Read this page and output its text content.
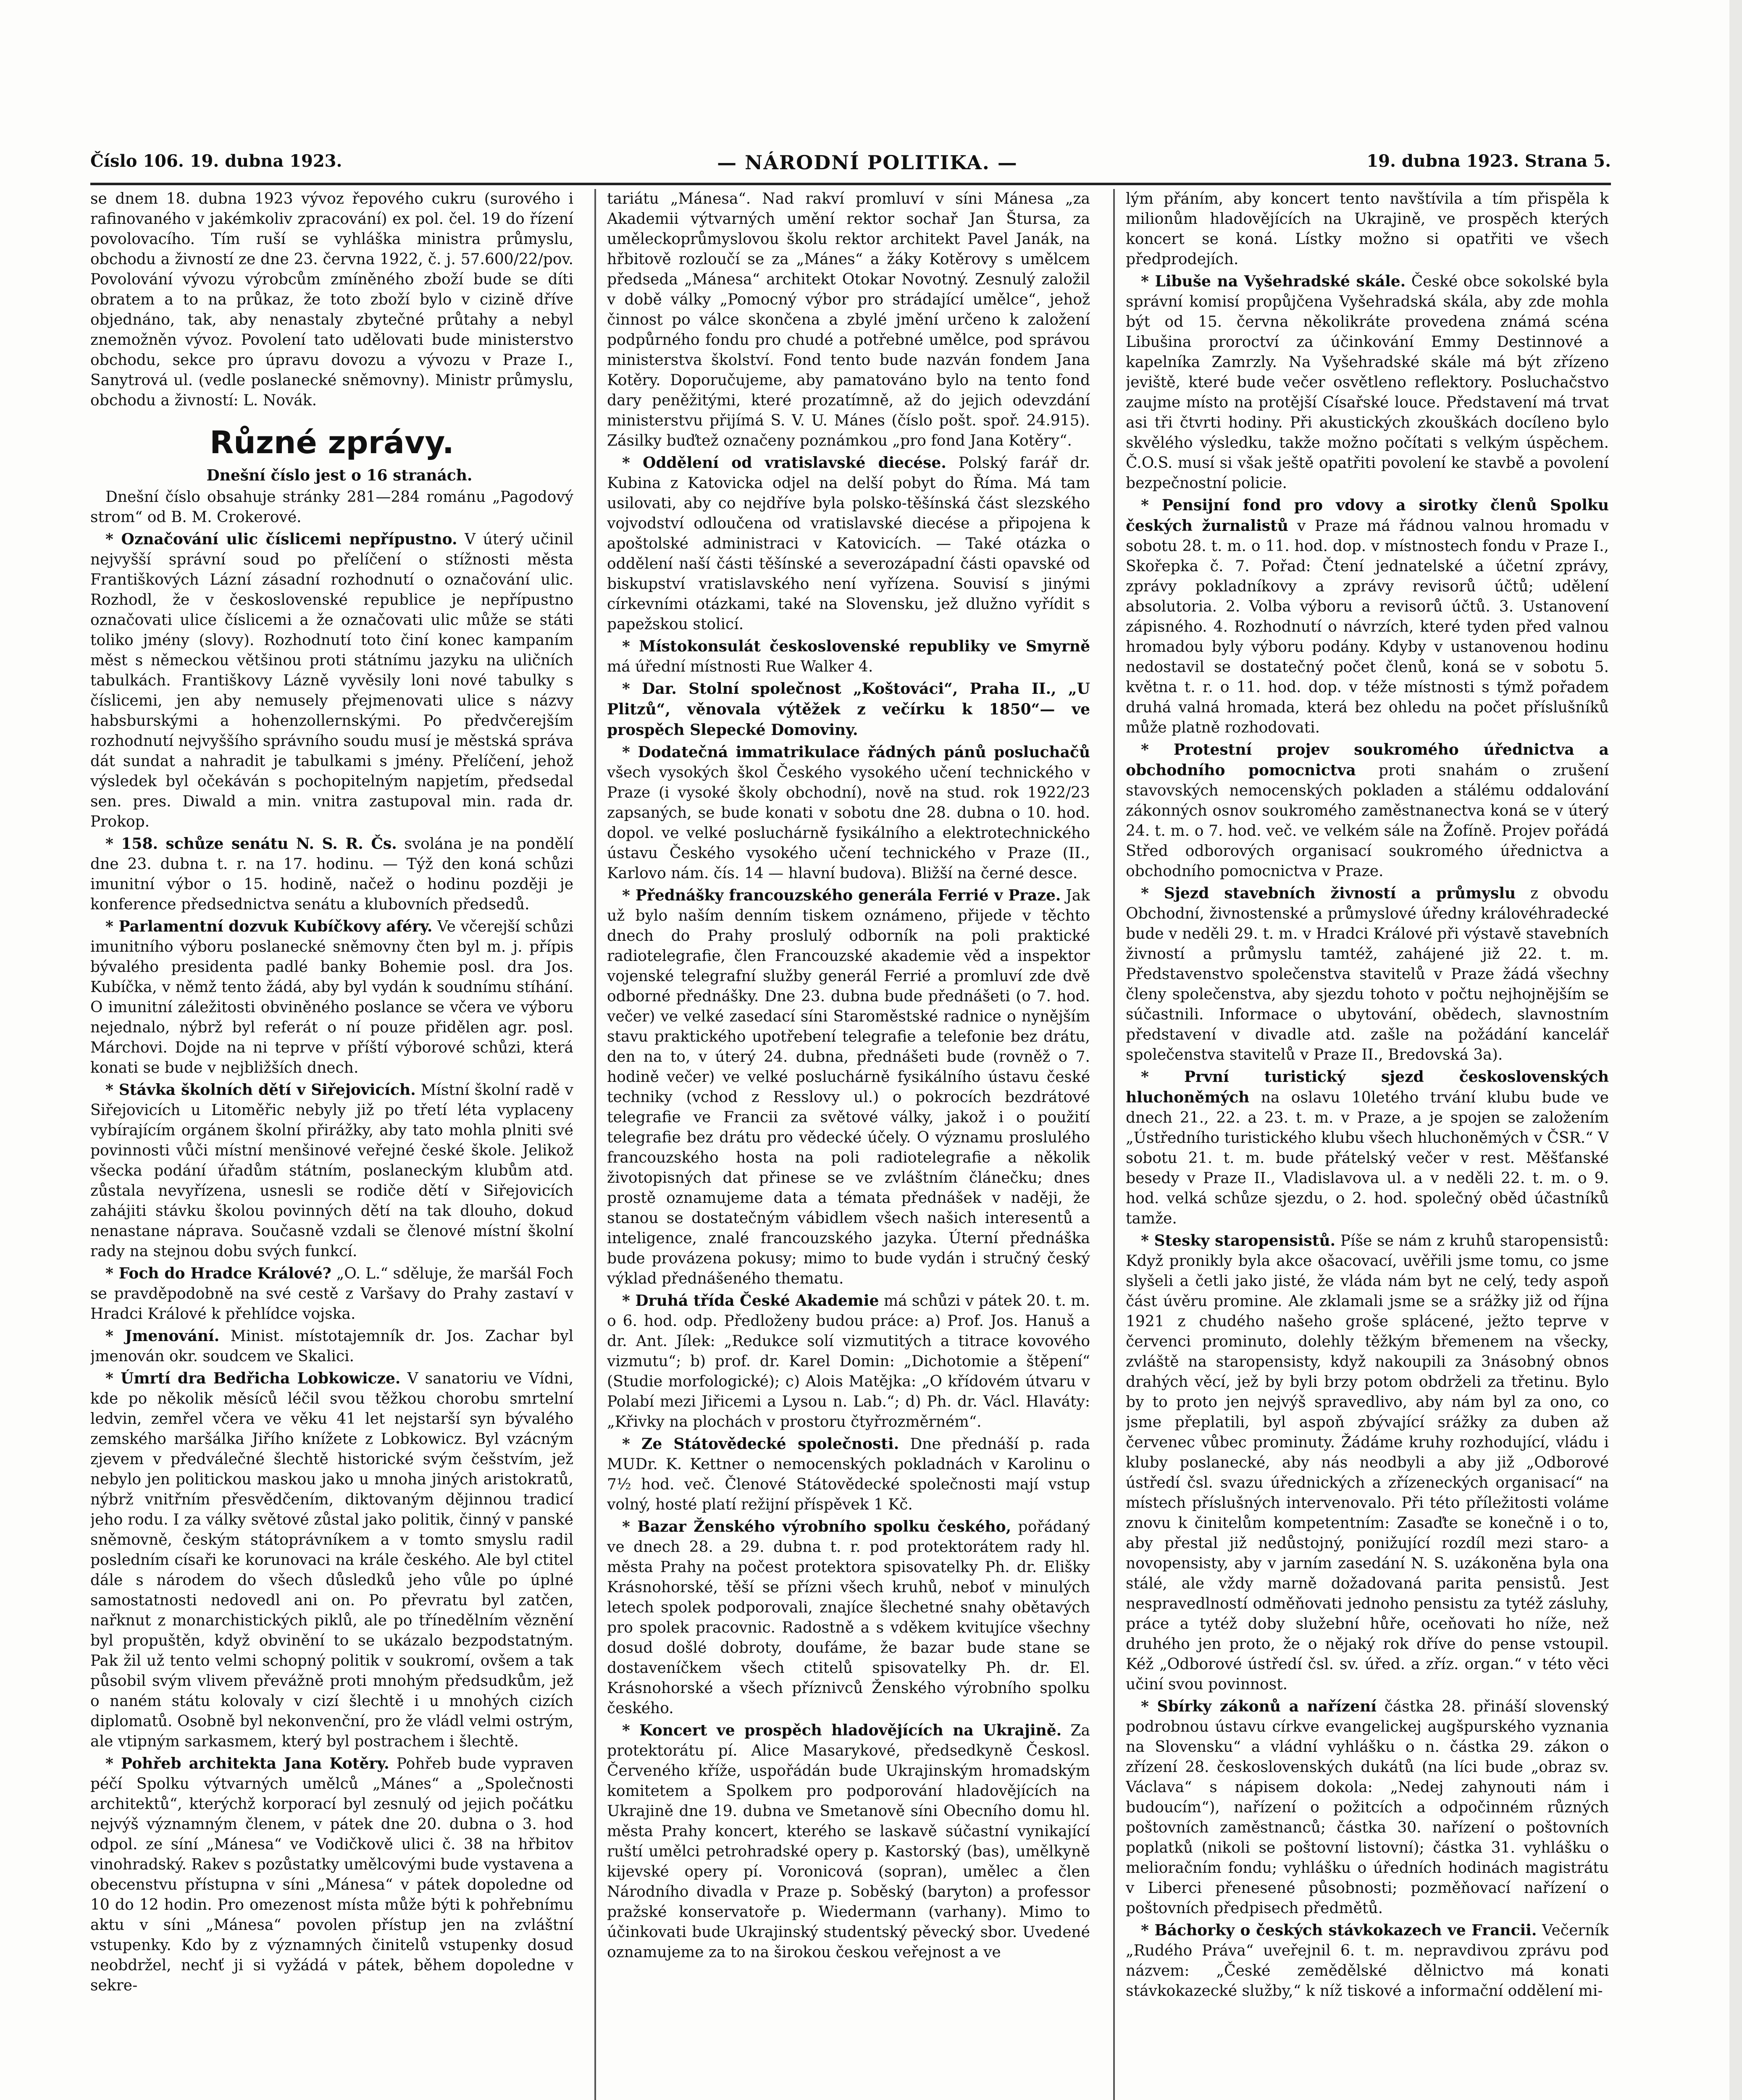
Číslo 106. 19. dubna 1923.	— NÁRODNÍ POLITIKA. —	19. dubna 1923. Strana 5.

se dnem 18. dubna 1923 vývoz řepového cukru (surového i rafinovaného v jakémkoliv zpracování) ex pol. čel. 19 do řízení povolovacího. Tím ruší se vyhláška ministra průmyslu, obchodu a živností ze dne 23. června 1922, č. j. 57.600/22/pov. Povolování vývozu výrobcům zmíněného zboží bude se díti obratem a to na průkaz, že toto zboží bylo v cizině dříve objednáno, tak, aby nenastaly zbytečné průtahy a nebyl znemožněn vývoz. Povolení tato udělovati bude ministerstvo obchodu, sekce pro úpravu dovozu a vývozu v Praze I., Sanytrová ul. (vedle poslanecké sněmovny). Ministr průmyslu, obchodu a živností: L. Novák.

Různé zprávy.

Dnešní číslo jest o 16 stranách.

Dnešní číslo obsahuje stránky 281—284 románu „Pagodový strom“ od B. M. Crokerové.

* Označování ulic číslicemi nepřípustno. V úterý učinil nejvyšší správní soud po přelíčení o stížnosti města Františkových Lázní zásadní rozhodnutí o označování ulic. Rozhodl, že v československé republice je nepřípustno označovati ulice číslicemi a že označovati ulic může se státi toliko jmény (slovy). Rozhodnutí toto činí konec kampaním měst s německou většinou proti státnímu jazyku na uličních tabulkách. Františkovy Lázně vyvěsily loni nové tabulky s číslicemi, jen aby nemusely přejmenovati ulice s názvy habsburskými a hohenzollernskými. Po předvčerejším rozhodnutí nejvyššího správního soudu musí je městská správa dát sundat a nahradit je tabulkami s jmény. Přelíčení, jehož výsledek byl očekáván s pochopitelným napjetím, předsedal sen. pres. Diwald a min. vnitra zastupoval min. rada dr. Prokop.

* 158. schůze senátu N. S. R. Čs. svolána je na pondělí dne 23. dubna t. r. na 17. hodinu. — Týž den koná schůzi imunitní výbor o 15. hodině, načež o hodinu později je konference předsednictva senátu a klubovních předsedů.

* Parlamentní dozvuk Kubíčkovy aféry. Ve včerejší schůzi imunitního výboru poslanecké sněmovny čten byl m. j. přípis bývalého presidenta padlé banky Bohemie posl. dra Jos. Kubíčka, v němž tento žádá, aby byl vydán k soudnímu stíhání. O imunitní záležitosti obviněného poslance se včera ve výboru nejednalo, nýbrž byl referát o ní pouze přidělen agr. posl. Márchovi. Dojde na ni teprve v příští výborové schůzi, která konati se bude v nejbližších dnech.

* Stávka školních dětí v Siřejovicích. Místní školní radě v Siřejovicích u Litoměřic nebyly již po třetí léta vyplaceny vybírajícím orgánem školní přirážky, aby tato mohla plniti své povinnosti vůči místní menšinové veřejné české škole. Jelikož všecka podání úřadům státním, poslaneckým klubům atd. zůstala nevyřízena, usnesli se rodiče dětí v Siřejovicích zahájiti stávku školou povinných dětí na tak dlouho, dokud nenastane náprava. Současně vzdali se členové místní školní rady na stejnou dobu svých funkcí.

* Foch do Hradce Králové? „O. L.“ sděluje, že maršál Foch se pravděpodobně na své cestě z Varšavy do Prahy zastaví v Hradci Králové k přehlídce vojska.

* Jmenování. Minist. místotajemník dr. Jos. Zachar byl jmenován okr. soudcem ve Skalici.

* Úmrtí dra Bedřicha Lobkowicze. V sanatoriu ve Vídni, kde po několik měsíců léčil svou těžkou chorobu smrtelní ledvin, zemřel včera ve věku 41 let nejstarší syn bývalého zemského maršálka Jiřího knížete z Lobkowicz. Byl vzácným zjevem v předválečné šlechtě historické svým češstvím, jež nebylo jen politickou maskou jako u mnoha jiných aristokratů, nýbrž vnitřním přesvědčením, diktovaným dějinnou tradicí jeho rodu. I za války světové zůstal jako politik, činný v panské sněmovně, českým státoprávníkem a v tomto smyslu radil posledním císaři ke korunovaci na krále českého. Ale byl ctitel dále s národem do všech důsledků jeho vůle po úplné samostatnosti nedovedl ani on. Po převratu byl zatčen, nařknut z monarchistických piklů, ale po třínedělním věznění byl propuštěn, když obvinění to se ukázalo bezpodstatným. Pak žil už tento velmi schopný politik v soukromí, ovšem a tak působil svým vlivem převážně proti mnohým předsudkům, jež o naném státu kolovaly v cizí šlechtě i u mnohých cizích diplomatů. Osobně byl nekonvenční, pro že vládl velmi ostrým, ale vtipným sarkasmem, který byl postrachem i šlechtě.

* Pohřeb architekta Jana Kotěry. Pohřeb bude vypraven péčí Spolku výtvarných umělců „Mánes“ a „Společnosti architektů“, kterýchž korporací byl zesnulý od jejich počátku nejvýš významným členem, v pátek dne 20. dubna o 3. hod odpol. ze síní „Mánesa“ ve Vodičkově ulici č. 38 na hřbitov vinohradský. Rakev s pozůstatky umělcovými bude vystavena a obecenstvu přístupna v síni „Mánesa“ v pátek dopoledne od 10 do 12 hodin. Pro omezenost místa může býti k pohřebnímu aktu v síni „Mánesa“ povolen přístup jen na zvláštní vstupenky. Kdo by z významných činitelů vstupenky dosud neobdržel, nechť ji si vyžádá v pátek, během dopoledne v sekre-

tariátu „Mánesa“. Nad rakví promluví v síni Mánesa „za Akademii výtvarných umění rektor sochař Jan Štursa, za uměleckoprůmyslovou školu rektor architekt Pavel Janák, na hřbitově rozloučí se za „Mánes“ a žáky Kotěrovy s umělcem předseda „Mánesa“ architekt Otokar Novotný. Zesnulý založil v době války „Pomocný výbor pro strádající umělce“, jehož činnost po válce skončena a zbylé jmění určeno k založení podpůrného fondu pro chudé a potřebné umělce, pod správou ministerstva školství. Fond tento bude nazván fondem Jana Kotěry. Doporučujeme, aby pamatováno bylo na tento fond dary peněžitými, které prozatímně, až do jejich odevzdání ministerstvu přijímá S. V. U. Mánes (číslo pošt. spoř. 24.915). Zásilky buďtež označeny poznámkou „pro fond Jana Kotěry“.

* Oddělení od vratislavské diecése. Polský farář dr. Kubina z Katovicka odjel na delší pobyt do Říma. Má tam usilovati, aby co nejdříve byla polsko-těšínská část slezského vojvodství odloučena od vratislavské diecése a připojena k apoštolské administraci v Katovicích. — Také otázka o oddělení naší části těšínské a severozápadní části opavské od biskupství vratislavského není vyřízena. Souvisí s jinými církevními otázkami, také na Slovensku, jež dlužno vyřídit s papežskou stolicí.

* Místokonsulát československé republiky ve Smyrně má úřední místnosti Rue Walker 4.

* Dar. Stolní společnost „Koštováci“, Praha II., „U Plitzů“, věnovala výtěžek z večírku k 1850“— ve prospěch Slepecké Domoviny.

* Dodatečná immatrikulace řádných pánů posluchačů všech vysokých škol Českého vysokého učení technického v Praze (i vysoké školy obchodní), nově na stud. rok 1922/23 zapsaných, se bude konati v sobotu dne 28. dubna o 10. hod. dopol. ve velké posluchárně fysikálního a elektrotechnického ústavu Českého vysokého učení technického v Praze (II., Karlovo nám. čís. 14 — hlavní budova). Bližší na černé desce.

* Přednášky francouzského generála Ferrié v Praze. Jak už bylo naším denním tiskem oznámeno, přijede v těchto dnech do Prahy proslulý odborník na poli praktické radiotelegrafie, člen Francouzské akademie věd a inspektor vojenské telegrafní služby generál Ferrié a promluví zde dvě odborné přednášky. Dne 23. dubna bude přednášeti (o 7. hod. večer) ve velké zasedací síni Staroměstské radnice o nynějším stavu praktického upotřebení telegrafie a telefonie bez drátu, den na to, v úterý 24. dubna, přednášeti bude (rovněž o 7. hodině večer) ve velké posluchárně fysikálního ústavu české techniky (vchod z Resslovy ul.) o pokrocích bezdrátové telegrafie ve Francii za světové války, jakož i o použití telegrafie bez drátu pro vědecké účely. O významu proslulého francouzského hosta na poli radiotelegrafie a několik životopisných dat přinese se ve zvláštním článečku; dnes prostě oznamujeme data a témata přednášek v naději, že stanou se dostatečným vábidlem všech našich interesentů a inteligence, znalé francouzského jazyka. Úterní přednáška bude provázena pokusy; mimo to bude vydán i stručný český výklad přednášeného thematu.

* Druhá třída České Akademie má schůzi v pátek 20. t. m. o 6. hod. odp. Předloženy budou práce: a) Prof. Jos. Hanuš a dr. Ant. Jílek: „Redukce solí vizmutitých a titrace kovového vizmutu“; b) prof. dr. Karel Domin: „Dichotomie a štěpení“ (Studie morfologické); c) Alois Matějka: „O křídovém útvaru v Polabí mezi Jiřicemi a Lysou n. Lab.“; d) Ph. dr. Václ. Hlaváty: „Křivky na plochách v prostoru čtyřrozměrném“.

* Ze Státovědecké společnosti. Dne přednáší p. rada MUDr. K. Kettner o nemocenských pokladnách v Karolinu o 7½ hod. več. Členové Státovědecké společnosti mají vstup volný, hosté platí režijní příspěvek 1 Kč.

* Bazar Ženského výrobního spolku českého, pořádaný ve dnech 28. a 29. dubna t. r. pod protektorátem rady hl. města Prahy na počest protektora spisovatelky Ph. dr. Elišky Krásnohorské, těší se přízni všech kruhů, neboť v minulých letech spolek podporovali, znajíce šlechetné snahy obětavých pro spolek pracovnic. Radostně a s vděkem kvitujíce všechny dosud došlé dobroty, doufáme, že bazar bude stane se dostaveníčkem všech ctitelů spisovatelky Ph. dr. El. Krásnohorské a všech příznivců Ženského výrobního spolku českého.

* Koncert ve prospěch hladovějících na Ukrajině. Za protektorátu pí. Alice Masarykové, předsedkyně Českosl. Červeného kříže, uspořádán bude Ukrajinským hromadským komitetem a Spolkem pro podporování hladovějících na Ukrajině dne 19. dubna ve Smetanově síni Obecního domu hl. města Prahy koncert, kterého se laskavě súčastní vynikající ruští umělci petrohradské opery p. Kastorský (bas), umělkyně kijevské opery pí. Voronicová (sopran), umělec a člen Národního divadla v Praze p. Soběský (baryton) a professor pražské konservatoře p. Wiedermann (varhany). Mimo to účinkovati bude Ukrajinský studentský pěvecký sbor. Uvedené oznamujeme za to na širokou českou veřejnost a ve

lým přáním, aby koncert tento navštívila a tím přispěla k milionům hladovějících na Ukrajině, ve prospěch kterých koncert se koná. Lístky možno si opatřiti ve všech předprodejích.

* Libuše na Vyšehradské skále. České obce sokolské byla správní komisí propůjčena Vyšehradská skála, aby zde mohla být od 15. června několikráte provedena známá scéna Libušina proroctví za účinkování Emmy Destinnové a kapelníka Zamrzly. Na Vyšehradské skále má být zřízeno jeviště, které bude večer osvětleno reflektory. Posluchačstvo zaujme místo na protější Císařské louce. Představení má trvat asi tři čtvrti hodiny. Při akustických zkouškách docíleno bylo skvělého výsledku, takže možno počítati s velkým úspěchem. Č.O.S. musí si však ještě opatřiti povolení ke stavbě a povolení bezpečnostní policie.

* Pensijní fond pro vdovy a sirotky členů Spolku českých žurnalistů v Praze má řádnou valnou hromadu v sobotu 28. t. m. o 11. hod. dop. v místnostech fondu v Praze I., Skořepka č. 7. Pořad: Čtení jednatelské a účetní zprávy, zprávy pokladníkovy a zprávy revisorů účtů; udělení absolutoria. 2. Volba výboru a revisorů účtů. 3. Ustanovení zápisného. 4. Rozhodnutí o návrzích, které tyden před valnou hromadou byly výboru podány. Kdyby v ustanovenou hodinu nedostavil se dostatečný počet členů, koná se v sobotu 5. května t. r. o 11. hod. dop. v téže místnosti s týmž pořadem druhá valná hromada, která bez ohledu na počet příslušníků může platně rozhodovati.

* Protestní projev soukromého úřednictva a obchodního pomocnictva proti snahám o zrušení stavovských nemocenských pokladen a stálému oddalování zákonných osnov soukromého zaměstnanectva koná se v úterý 24. t. m. o 7. hod. več. ve velkém sále na Žofíně. Projev pořádá Střed odborových organisací soukromého úřednictva a obchodního pomocnictva v Praze.

* Sjezd stavebních živností a průmyslu z obvodu Obchodní, živnostenské a průmyslové úředny královéhradecké bude v neděli 29. t. m. v Hradci Králové při výstavě stavebních živností a průmyslu tamtéž, zahájené již 22. t. m. Představenstvo společenstva stavitelů v Praze žádá všechny členy společenstva, aby sjezdu tohoto v počtu nejhojnějším se súčastnili. Informace o ubytování, obědech, slavnostním představení v divadle atd. zašle na požádání kancelář společenstva stavitelů v Praze II., Bredovská 3a).

* První turistický sjezd československých hluchoněmých na oslavu 10letého trvání klubu bude ve dnech 21., 22. a 23. t. m. v Praze, a je spojen se založením „Ústředního turistického klubu všech hluchoněmých v ČSR.“ V sobotu 21. t. m. bude přátelský večer v rest. Měšťanské besedy v Praze II., Vladislavova ul. a v neděli 22. t. m. o 9. hod. velká schůze sjezdu, o 2. hod. společný oběd účastníků tamže.

* Stesky staropensistů. Píše se nám z kruhů staropensistů: Když pronikly byla akce ošacovací, uvěřili jsme tomu, co jsme slyšeli a četli jako jisté, že vláda nám byt ne celý, tedy aspoň část úvěru promine. Ale zklamali jsme se a srážky již od října 1921 z chudého našeho groše splácené, ježto teprve v červenci prominuto, dolehly těžkým břemenem na všecky, zvláště na staropensisty, když nakoupili za 3násobný obnos drahých věcí, jež by byli brzy potom obdrželi za třetinu. Bylo by to proto jen nejvýš spravedlivo, aby nám byl za ono, co jsme přeplatili, byl aspoň zbývající srážky za duben až červenec vůbec prominuty. Žádáme kruhy rozhodující, vládu i kluby poslanecké, aby nás neodbyli a aby již „Odborové ústředí čsl. svazu úřednických a zřízeneckých organisací“ na místech příslušných intervenovalo. Při této příležitosti voláme znovu k činitelům kompetentním: Zasaďte se konečně i o to, aby přestal již nedůstojný, ponižující rozdíl mezi staro- a novopensisty, aby v jarním zasedání N. S. uzákoněna byla ona stálé, ale vždy marně dožadovaná parita pensistů. Jest nespravedlností odměňovati jednoho pensistu za tytéž zásluhy, práce a tytéž doby služební hůře, oceňovati ho níže, než druhého jen proto, že o nějaký rok dříve do pense vstoupil. Kéž „Odborové ústředí čsl. sv. úřed. a zříz. organ.“ v této věci učiní svou povinnost.

* Sbírky zákonů a nařízení částka 28. přináší slovenský podrobnou ústavu církve evangelickej augšpurského vyznania na Slovensku“ a vládní vyhlášku o n. částka 29. zákon o zřízení 28. československých dukátů (na líci bude „obraz sv. Václava“ s nápisem dokola: „Nedej zahynouti nám i budoucím“), nařízení o požitcích a odpočinném různých poštovních zaměstnanců; částka 30. nařízení o poštovních poplatků (nikoli se poštovní listovní); částka 31. vyhlášku o melioračním fondu; vyhlášku o úředních hodinách magistrátu v Liberci přenesené působnosti; pozměňovací nařízení o poštovních předpisech předmětů.

* Báchorky o českých stávkokazech ve Francii. Večerník „Rudého Práva“ uveřejnil 6. t. m. nepravdivou zprávu pod názvem: „České zemědělské dělnictvo má konati stávkokazecké služby,“ k níž tiskové a informační oddělení mi-
